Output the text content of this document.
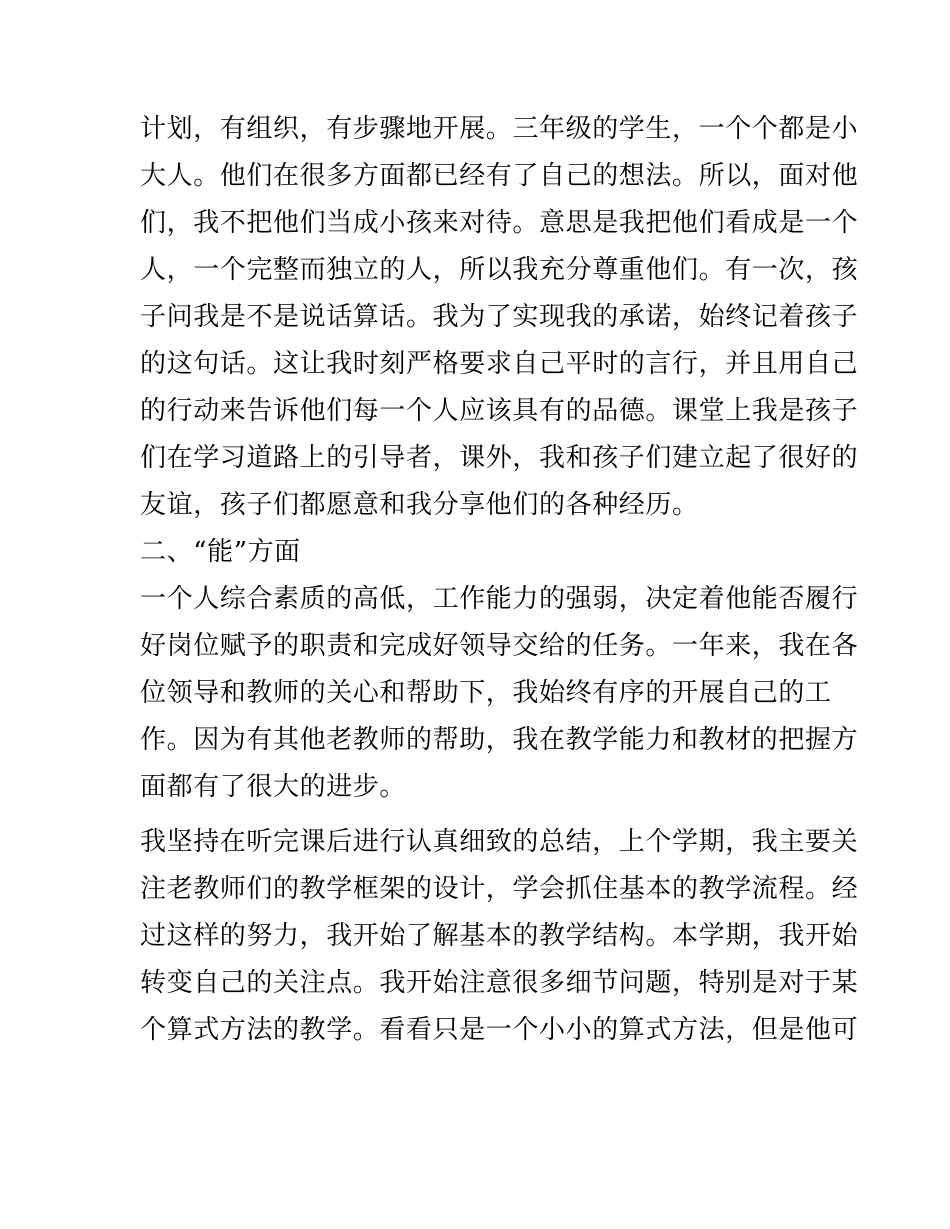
计划，有组织，有步骤地开展。三年级的学生，一个个都是小
大人。他们在很多方面都已经有了自己的想法。所以，面对他
们，我不把他们当成小孩来对待。意思是我把他们看成是一个
人，一个完整而独立的人，所以我充分尊重他们。有一次，孩
子问我是不是说话算话。我为了实现我的承诺，始终记着孩子
的这句话。这让我时刻严格要求自己平时的言行，并且用自己
的行动来告诉他们每一个人应该具有的品德。课堂上我是孩子
们在学习道路上的引导者，课外，我和孩子们建立起了很好的
友谊，孩子们都愿意和我分享他们的各种经历。
二、“能”方面
一个人综合素质的高低，工作能力的强弱，决定着他能否履行
好岗位赋予的职责和完成好领导交给的任务。一年来，我在各
位领导和教师的关心和帮助下，我始终有序的开展自己的工
作。因为有其他老教师的帮助，我在教学能力和教材的把握方
面都有了很大的进步。
我坚持在听完课后进行认真细致的总结，上个学期，我主要关
注老教师们的教学框架的设计，学会抓住基本的教学流程。经
过这样的努力，我开始了解基本的教学结构。本学期，我开始
转变自己的关注点。我开始注意很多细节问题，特别是对于某
个算式方法的教学。看看只是一个小小的算式方法，但是他可
